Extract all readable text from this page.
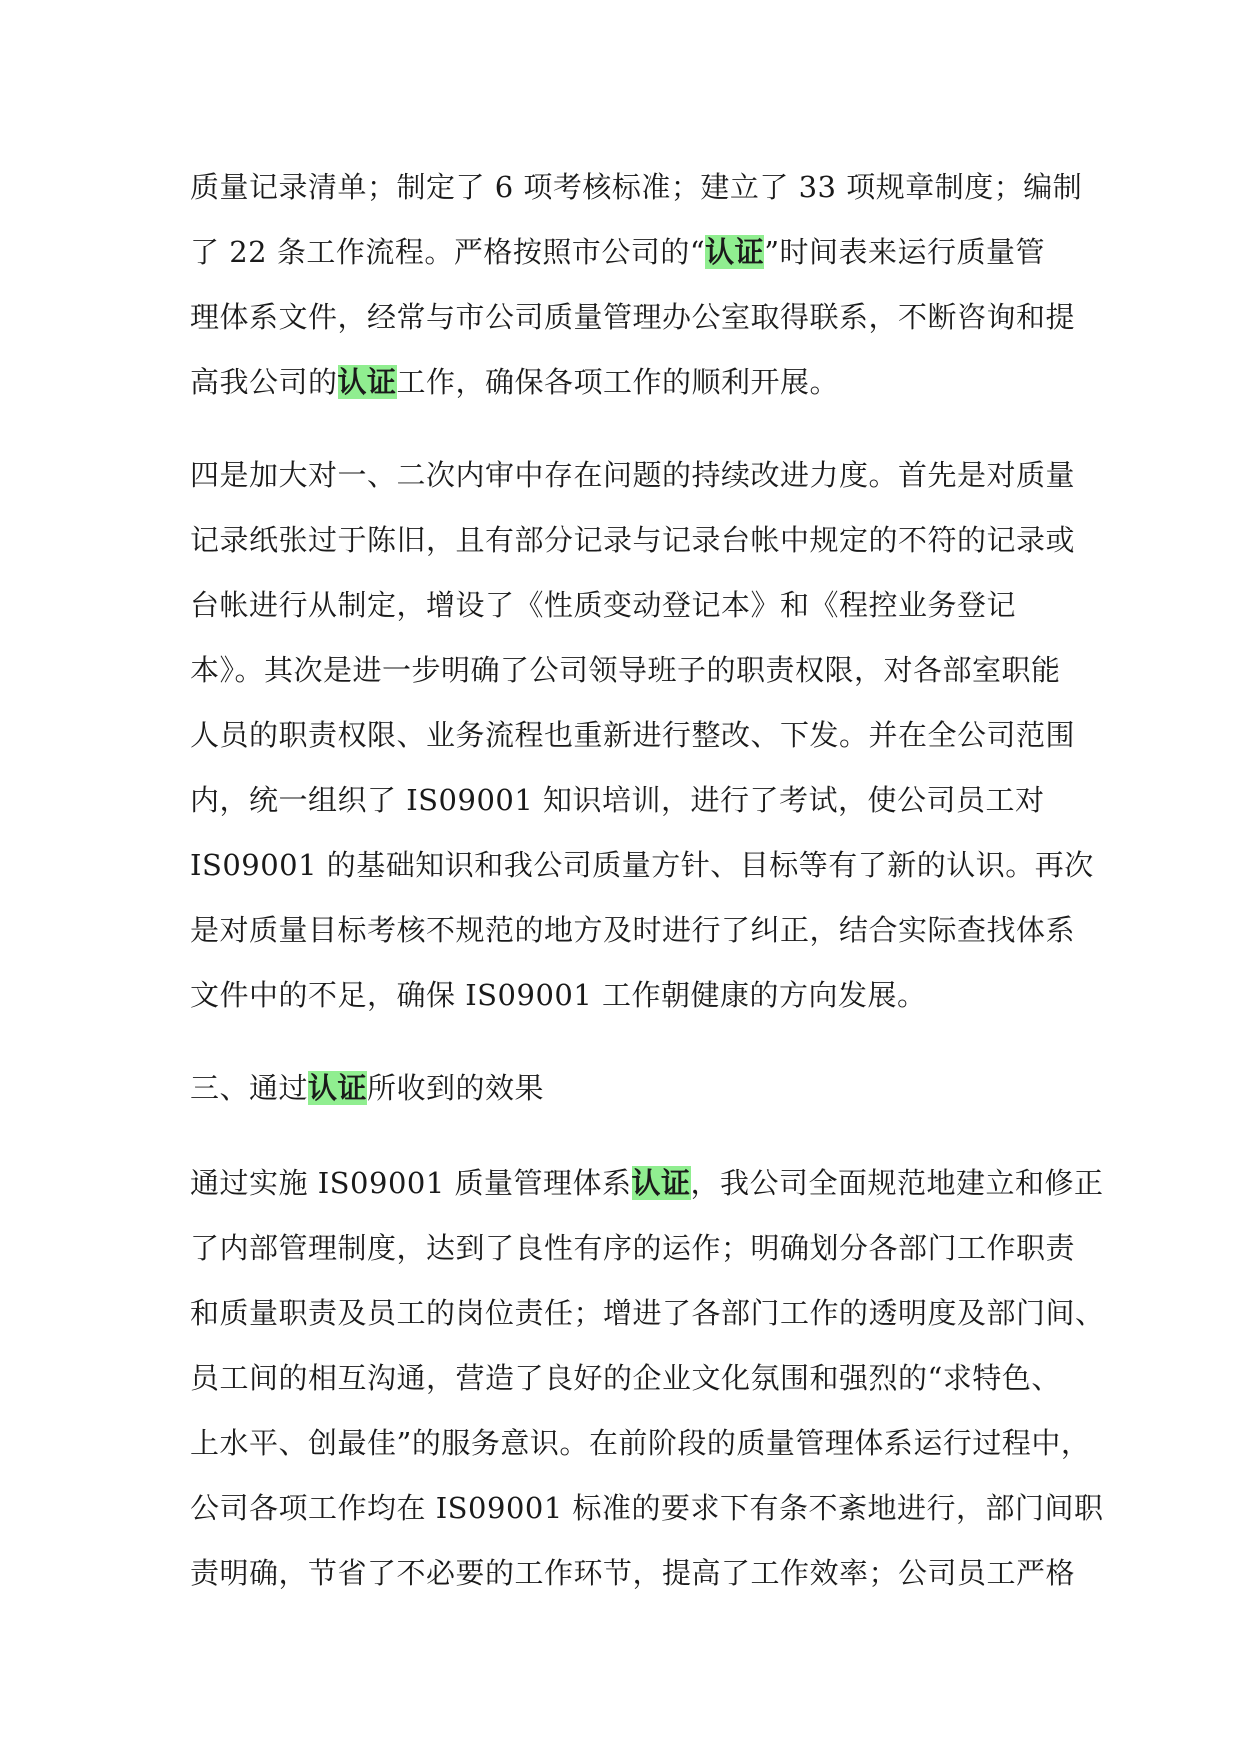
质量记录清单；制定了 6 项考核标准；建立了 33 项规章制度；编制
了 22 条工作流程。严格按照市公司的“认证”时间表来运行质量管
理体系文件，经常与市公司质量管理办公室取得联系，不断咨询和提
高我公司的认证工作，确保各项工作的顺利开展。
四是加大对一、二次内审中存在问题的持续改进力度。首先是对质量
记录纸张过于陈旧，且有部分记录与记录台帐中规定的不符的记录或
台帐进行从制定，增设了《性质变动登记本》和《程控业务登记
本》。其次是进一步明确了公司领导班子的职责权限，对各部室职能
人员的职责权限、业务流程也重新进行整改、下发。并在全公司范围
内，统一组织了 IS09001 知识培训，进行了考试，使公司员工对
IS09001 的基础知识和我公司质量方针、目标等有了新的认识。再次
是对质量目标考核不规范的地方及时进行了纠正，结合实际查找体系
文件中的不足，确保 IS09001 工作朝健康的方向发展。
三、通过认证所收到的效果
通过实施 IS09001 质量管理体系认证，我公司全面规范地建立和修正
了内部管理制度，达到了良性有序的运作；明确划分各部门工作职责
和质量职责及员工的岗位责任；增进了各部门工作的透明度及部门间、
员工间的相互沟通，营造了良好的企业文化氛围和强烈的“求特色、
上水平、创最佳”的服务意识。在前阶段的质量管理体系运行过程中，
公司各项工作均在 IS09001 标准的要求下有条不紊地进行，部门间职
责明确，节省了不必要的工作环节，提高了工作效率；公司员工严格
